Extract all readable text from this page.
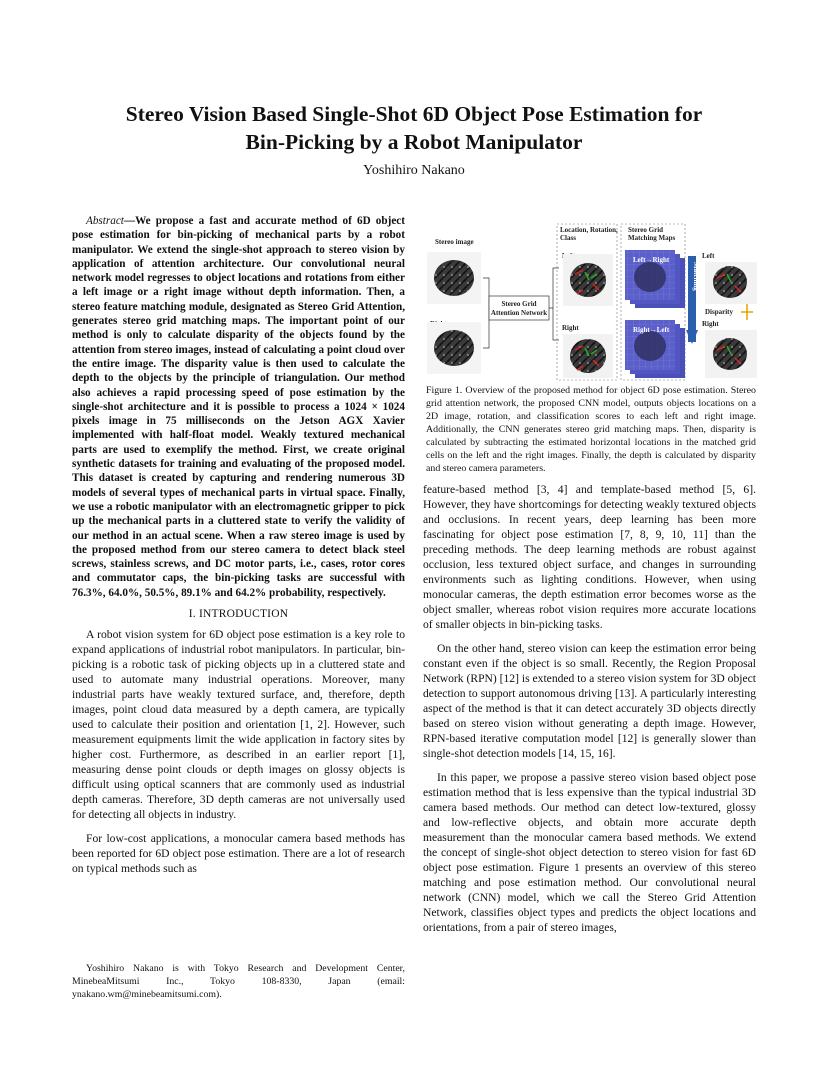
Stereo Vision Based Single-Shot 6D Object Pose Estimation for
Bin-Picking by a Robot Manipulator
Yoshihiro Nakano

Abstract—We propose a fast and accurate method of 6D object pose estimation for bin-picking of mechanical parts by a robot manipulator. We extend the single-shot approach to stereo vision by application of attention architecture. Our convolutional neural network model regresses to object locations and rotations from either a left image or a right image without depth information. Then, a stereo feature matching module, designated as Stereo Grid Attention, generates stereo grid matching maps. The important point of our method is only to calculate disparity of the objects found by the attention from stereo images, instead of calculating a point cloud over the entire image. The disparity value is then used to calculate the depth to the objects by the principle of triangulation. Our method also achieves a rapid processing speed of pose estimation by the single-shot architecture and it is possible to process a 1024 × 1024 pixels image in 75 milliseconds on the Jetson AGX Xavier implemented with half-float model. Weakly textured mechanical parts are used to exemplify the method. First, we create original synthetic datasets for training and evaluating of the proposed model. This dataset is created by capturing and rendering numerous 3D models of several types of mechanical parts in virtual space. Finally, we use a robotic manipulator with an electromagnetic gripper to pick up the mechanical parts in a cluttered state to verify the validity of our method in an actual scene. When a raw stereo image is used by the proposed method from our stereo camera to detect black steel screws, stainless screws, and DC motor parts, i.e., cases, rotor cores and commutator caps, the bin-picking tasks are successful with 76.3%, 64.0%, 50.5%, 89.1% and 64.2% probability, respectively.

I. INTRODUCTION

A robot vision system for 6D object pose estimation is a key role to expand applications of industrial robot manipulators. In particular, bin-picking is a robotic task of picking objects up in a cluttered state and used to automate many industrial operations. Moreover, many industrial parts have weakly textured surface, and, therefore, depth images, point cloud data measured by a depth camera, are typically used to calculate their position and orientation [1, 2]. However, such measurement equipments limit the wide application in factory sites by higher cost. Furthermore, as described in an earlier report [1], measuring dense point clouds or depth images on glossy objects is difficult using optical scanners that are commonly used as industrial depth cameras. Therefore, 3D depth cameras are not universally used for detecting all objects in industry.

For low-cost applications, a monocular camera based methods has been reported for 6D object pose estimation. There are a lot of research on typical methods such as

Yoshihiro Nakano is with Tokyo Research and Development Center, MinebeaMitsumi Inc., Tokyo 108-8330, Japan (email: ynakano.wm@minebeamitsumi.com).

Stereo image
Stereo Grid
Attention Network
Location, Rotation,
Class
Right
Stereo Grid
Matching Maps
Left→Right
Right→Left
Matching
Left
Disparity
Right
Figure 1. Overview of the proposed method for object 6D pose estimation. Stereo grid attention network, the proposed CNN model, outputs objects locations on a 2D image, rotation, and classification scores to each left and right image. Additionally, the CNN generates stereo grid matching maps. Then, disparity is calculated by subtracting the estimated horizontal locations in the matched grid cells on the left and the right images. Finally, the depth is calculated by disparity and stereo camera parameters.

feature-based method [3, 4] and template-based method [5, 6]. However, they have shortcomings for detecting weakly textured objects and occlusions. In recent years, deep learning has been more fascinating for object pose estimation [7, 8, 9, 10, 11] than the preceding methods. The deep learning methods are robust against occlusion, less textured object surface, and changes in surrounding environments such as lighting conditions. However, when using monocular cameras, the depth estimation error becomes worse as the object smaller, whereas robot vision requires more accurate locations of smaller objects in bin-picking tasks.

On the other hand, stereo vision can keep the estimation error being constant even if the object is so small. Recently, the Region Proposal Network (RPN) [12] is extended to a stereo vision system for 3D object detection to support autonomous driving [13]. A particularly interesting aspect of the method is that it can detect accurately 3D objects directly based on stereo vision without generating a depth image. However, RPN-based iterative computation model [12] is generally slower than single-shot detection models [14, 15, 16].

In this paper, we propose a passive stereo vision based object pose estimation method that is less expensive than the typical industrial 3D camera based methods. Our method can detect low-textured, glossy and low-reflective objects, and obtain more accurate depth measurement than the monocular camera based methods. We extend the concept of single-shot object detection to stereo vision for fast 6D object pose estimation. Figure 1 presents an overview of this stereo matching and pose estimation method. Our convolutional neural network (CNN) model, which we call the Stereo Grid Attention Network, classifies object types and predicts the object locations and orientations, from a pair of stereo images,
